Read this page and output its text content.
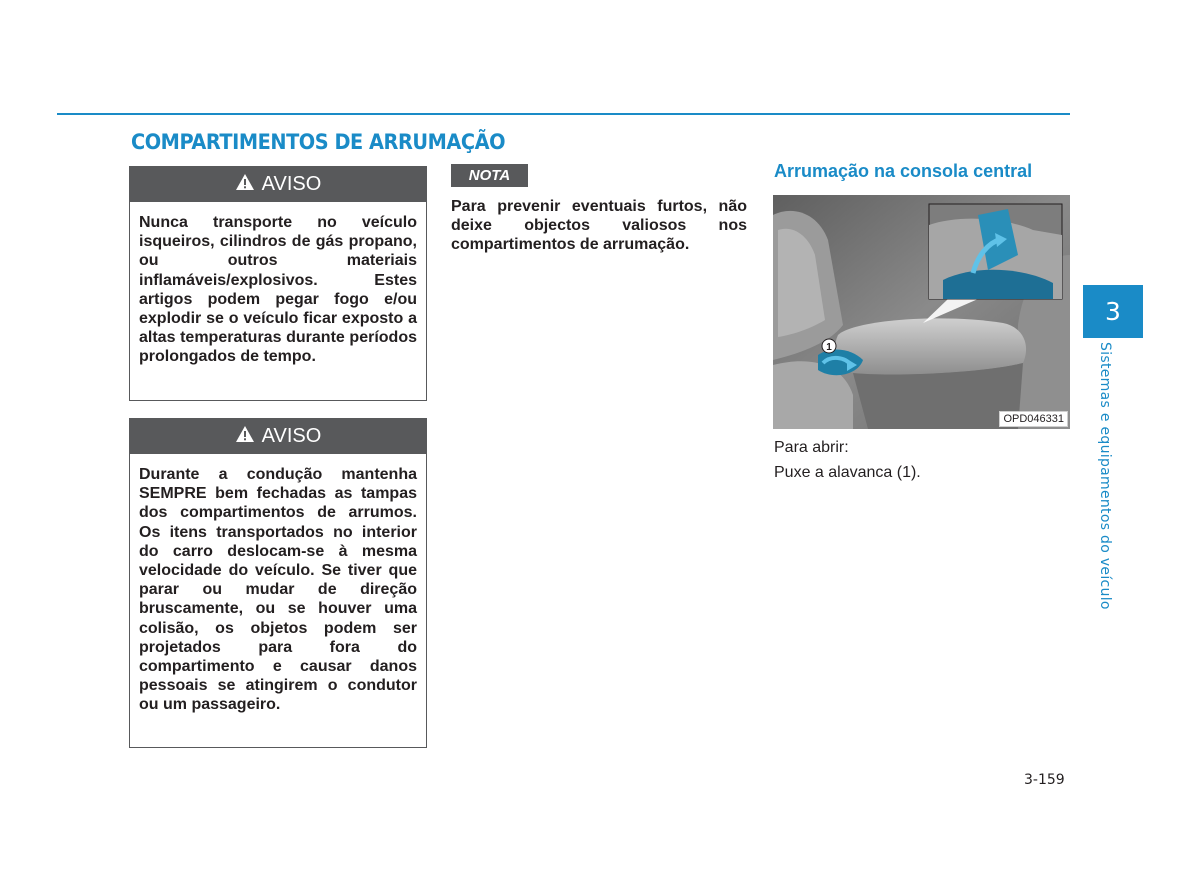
COMPARTIMENTOS DE ARRUMAÇÃO
AVISO
Nunca transporte no veículo isqueiros, cilindros de gás propano, ou outros materiais inflamáveis/explosivos. Estes artigos podem pegar fogo e/ou explodir se o veículo ficar exposto a altas temperaturas durante períodos prolongados de tempo.
AVISO
Durante a condução mantenha SEMPRE bem fechadas as tampas dos compartimentos de arrumos. Os itens transportados no interior do carro deslocam-se à mesma velocidade do veículo. Se tiver que parar ou mudar de direção bruscamente, ou se houver uma colisão, os objetos podem ser projetados para fora do compartimento e causar danos pessoais se atingirem o condutor ou um passageiro.
NOTA

Para prevenir eventuais furtos, não deixe objectos valiosos nos compartimentos de arrumação.

Arrumação na consola central
1
OPD046331

Para abrir:

Puxe a alavanca (1).

3
Sistemas e equipamentos do veículo
3-159
